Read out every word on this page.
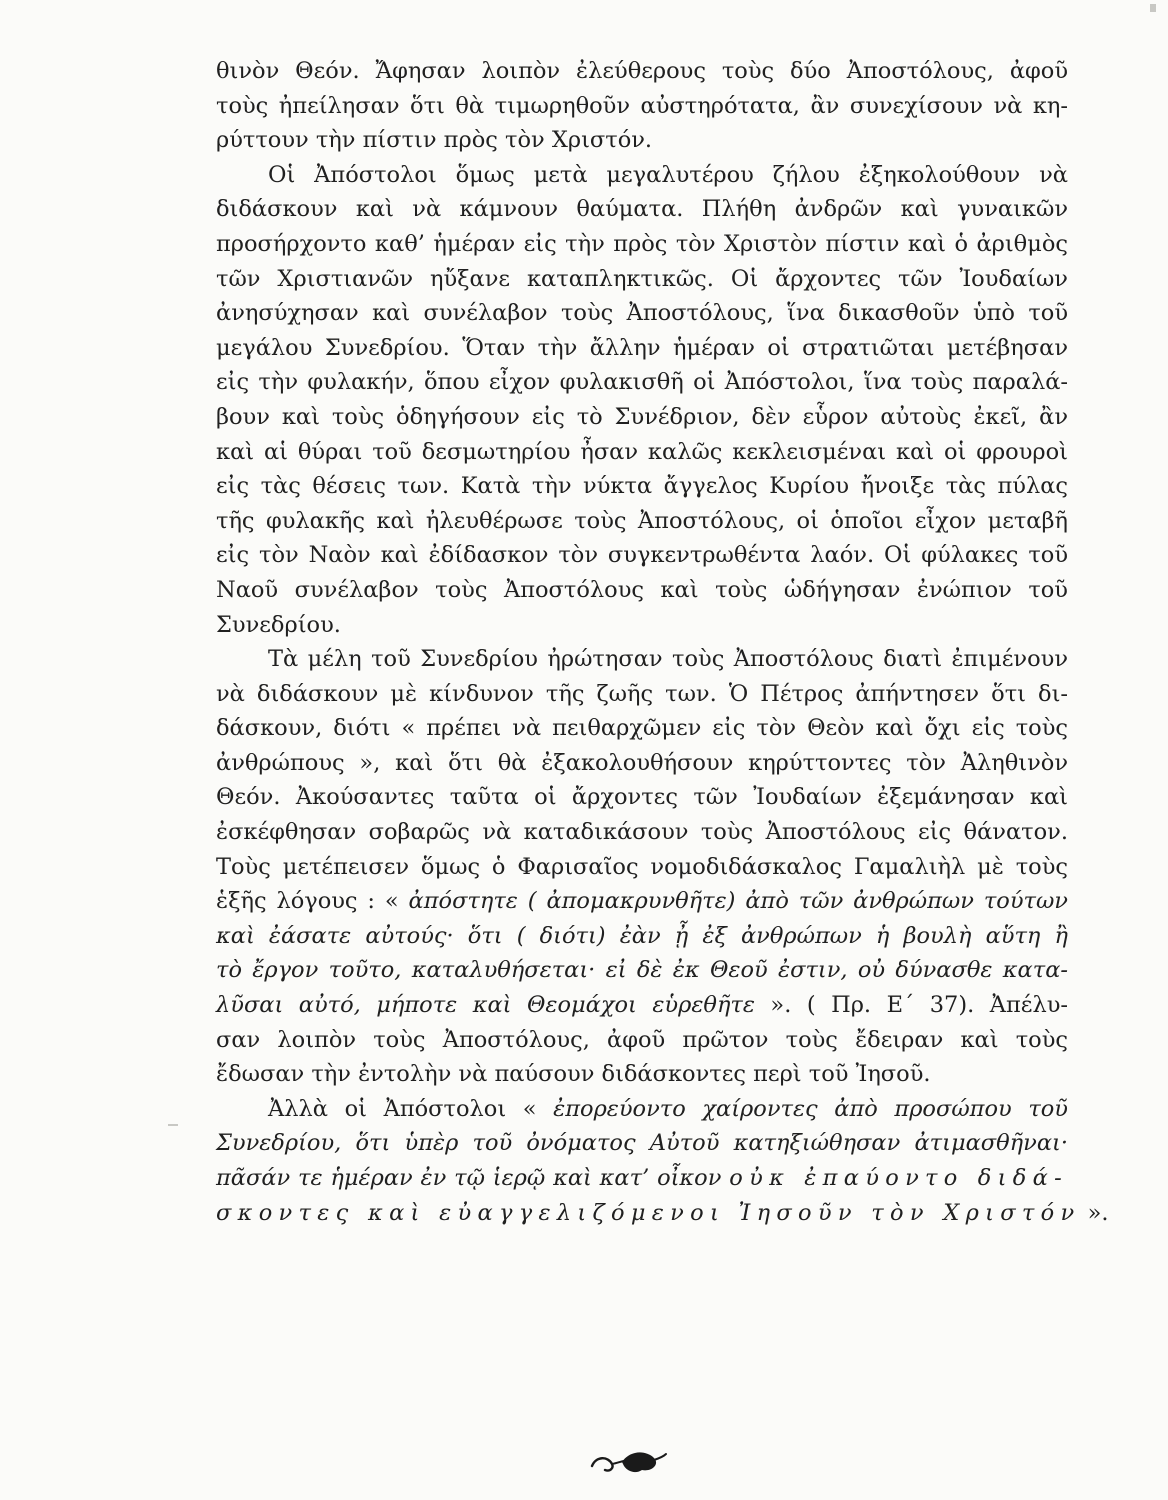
θινὸν Θεόν. Ἄφησαν λοιπὸν ἐλεύθερους τοὺς δύο Ἀποστόλους, ἀφοῦ
τοὺς ἠπείλησαν ὅτι θὰ τιμωρηθοῦν αὐστηρότατα, ἂν συνεχίσουν νὰ κη-
ρύττουν τὴν πίστιν πρὸς τὸν Χριστόν.
Οἱ Ἀπόστολοι ὅμως μετὰ μεγαλυτέρου ζήλου ἐξηκολούθουν νὰ
διδάσκουν καὶ νὰ κάμνουν θαύματα. Πλήθη ἀνδρῶν καὶ γυναικῶν
προσήρχοντο καθ’ ἡμέραν εἰς τὴν πρὸς τὸν Χριστὸν πίστιν καὶ ὁ ἀριθμὸς
τῶν Χριστιανῶν ηὔξανε καταπληκτικῶς. Οἱ ἄρχοντες τῶν Ἰουδαίων
ἀνησύχησαν καὶ συνέλαβον τοὺς Ἀποστόλους, ἵνα δικασθοῦν ὑπὸ τοῦ
μεγάλου Συνεδρίου. Ὅταν τὴν ἄλλην ἡμέραν οἱ στρατιῶται μετέβησαν
εἰς τὴν φυλακήν, ὅπου εἶχον φυλακισθῆ οἱ Ἀπόστολοι, ἵνα τοὺς παραλά-
βουν καὶ τοὺς ὁδηγήσουν εἰς τὸ Συνέδριον, δὲν εὗρον αὐτοὺς ἐκεῖ, ἂν
καὶ αἱ θύραι τοῦ δεσμωτηρίου ἦσαν καλῶς κεκλεισμέναι καὶ οἱ φρουροὶ
εἰς τὰς θέσεις των. Κατὰ τὴν νύκτα ἄγγελος Κυρίου ἤνοιξε τὰς πύλας
τῆς φυλακῆς καὶ ἠλευθέρωσε τοὺς Ἀποστόλους, οἱ ὁποῖοι εἶχον μεταβῆ
εἰς τὸν Ναὸν καὶ ἐδίδασκον τὸν συγκεντρωθέντα λαόν. Οἱ φύλακες τοῦ
Ναοῦ συνέλαβον τοὺς Ἀποστόλους καὶ τοὺς ὡδήγησαν ἐνώπιον τοῦ
Συνεδρίου.
Τὰ μέλη τοῦ Συνεδρίου ἠρώτησαν τοὺς Ἀποστόλους διατὶ ἐπιμένουν
νὰ διδάσκουν μὲ κίνδυνον τῆς ζωῆς των. Ὁ Πέτρος ἀπήντησεν ὅτι δι-
δάσκουν, διότι « πρέπει νὰ πειθαρχῶμεν εἰς τὸν Θεὸν καὶ ὄχι εἰς τοὺς
ἀνθρώπους », καὶ ὅτι θὰ ἐξακολουθήσουν κηρύττοντες τὸν Ἀληθινὸν
Θεόν. Ἀκούσαντες ταῦτα οἱ ἄρχοντες τῶν Ἰουδαίων ἐξεμάνησαν καὶ
ἐσκέφθησαν σοβαρῶς νὰ καταδικάσουν τοὺς Ἀποστόλους εἰς θάνατον.
Τοὺς μετέπεισεν ὅμως ὁ Φαρισαῖος νομοδιδάσκαλος Γαμαλιὴλ μὲ τοὺς
ἑξῆς λόγους : « ἀπόστητε ( ἀπομακρυνθῆτε) ἀπὸ τῶν ἀνθρώπων τούτων
καὶ ἐάσατε αὐτούς· ὅτι ( διότι) ἐὰν ᾖ ἐξ ἀνθρώπων ἡ βουλὴ αὕτη ἢ
τὸ ἔργον τοῦτο, καταλυθήσεται· εἰ δὲ ἐκ Θεοῦ ἐστιν, οὐ δύνασθε κατα-
λῦσαι αὐτό, μήποτε καὶ Θεομάχοι εὑρεθῆτε ». ( Πρ. Ε΄ 37). Ἀπέλυ-
σαν λοιπὸν τοὺς Ἀποστόλους, ἀφοῦ πρῶτον τοὺς ἔδειραν καὶ τοὺς
ἔδωσαν τὴν ἐντολὴν νὰ παύσουν διδάσκοντες περὶ τοῦ Ἰησοῦ.
Ἀλλὰ οἱ Ἀπόστολοι « ἐπορεύοντο χαίροντες ἀπὸ προσώπου τοῦ
Συνεδρίου, ὅτι ὑπὲρ τοῦ ὀνόματος Αὐτοῦ κατηξιώθησαν ἀτιμασθῆναι·
πᾶσάν τε ἡμέραν ἐν τῷ ἱερῷ καὶ κατ’ οἶκον οὐκ ἐπαύοντο διδά-
σκοντες καὶ εὐαγγελιζόμενοι Ἰησοῦν τὸν Χριστόν ».
